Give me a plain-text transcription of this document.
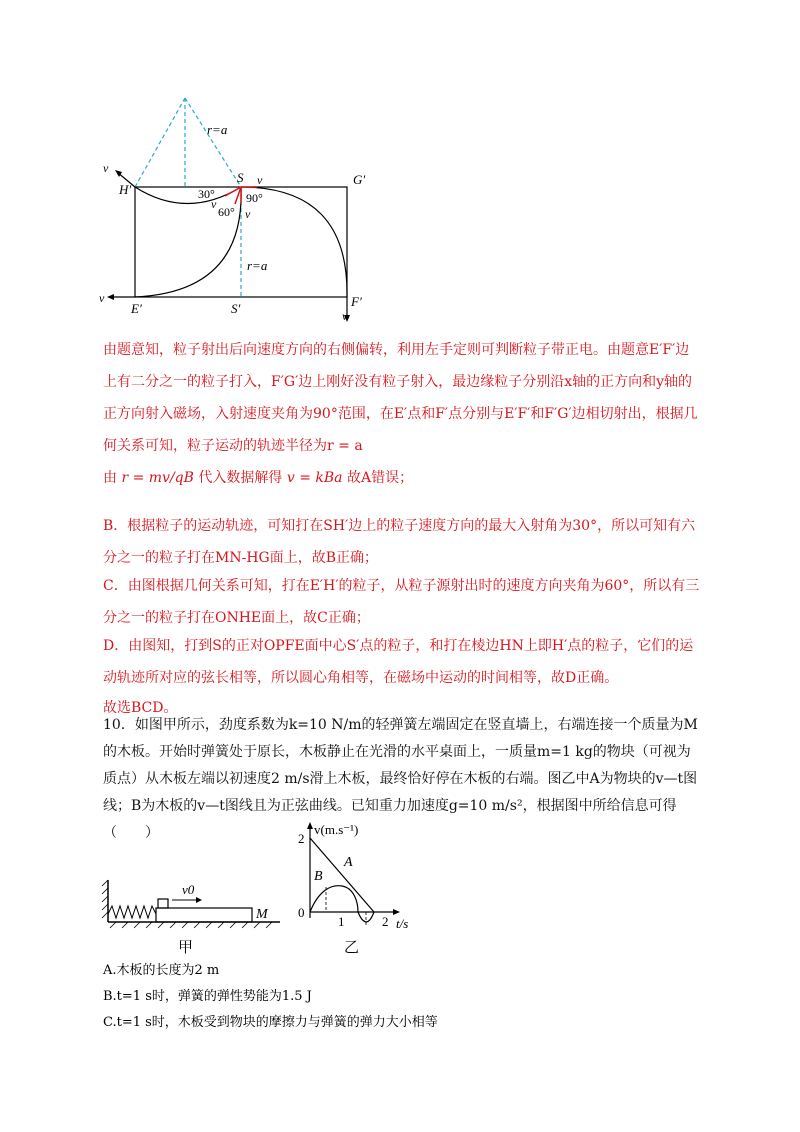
r=a
r=a
H′
S	G′
E′	S′	F′
v
v
v
v
v
v
30°
60°
90°
由题意知，粒子射出后向速度方向的右侧偏转，利用左手定则可判断粒子带正电。由题意E′F′边上有二分之一的粒子打入，F′G′边上刚好没有粒子射入，最边缘粒子分别沿x轴的正方向和y轴的正方向射入磁场，入射速度夹角为90°范围，在E′点和F′点分别与E′F′和F′G′边相切射出，根据几何关系可知，粒子运动的轨迹半径为r = a
由 r = mv/qB 代入数据解得 v = kBa 故A错误；
B．根据粒子的运动轨迹，可知打在SH′边上的粒子速度方向的最大入射角为30°，所以可知有六分之一的粒子打在MN-HG面上，故B正确；
C．由图根据几何关系可知，打在E′H′的粒子，从粒子源射出时的速度方向夹角为60°，所以有三分之一的粒子打在ONHE面上，故C正确；
D．由图知，打到S的正对OPFE面中心S′点的粒子，和打在棱边HN上即H′点的粒子，它们的运动轨迹所对应的弦长相等，所以圆心角相等，在磁场中运动的时间相等，故D正确。
故选BCD。
10．如图甲所示，劲度系数为k=10 N/m的轻弹簧左端固定在竖直墙上，右端连接一个质量为M的木板。开始时弹簧处于原长，木板静止在光滑的水平桌面上，一质量m=1 kg的物块（可视为质点）从木板左端以初速度2 m/s滑上木板，最终恰好停在木板的右端。图乙中A为物块的v—t图线；B为木板的v—t图线且为正弦曲线。已知重力加速度g=10 m/s²，根据图中所给信息可得（　　）
v0
M
甲
v(m.s⁻¹)
t/s
2
0
1	2
A
B
乙
A.木板的长度为2 m
B.t=1 s时，弹簧的弹性势能为1.5 J
C.t=1 s时，木板受到物块的摩擦力与弹簧的弹力大小相等
